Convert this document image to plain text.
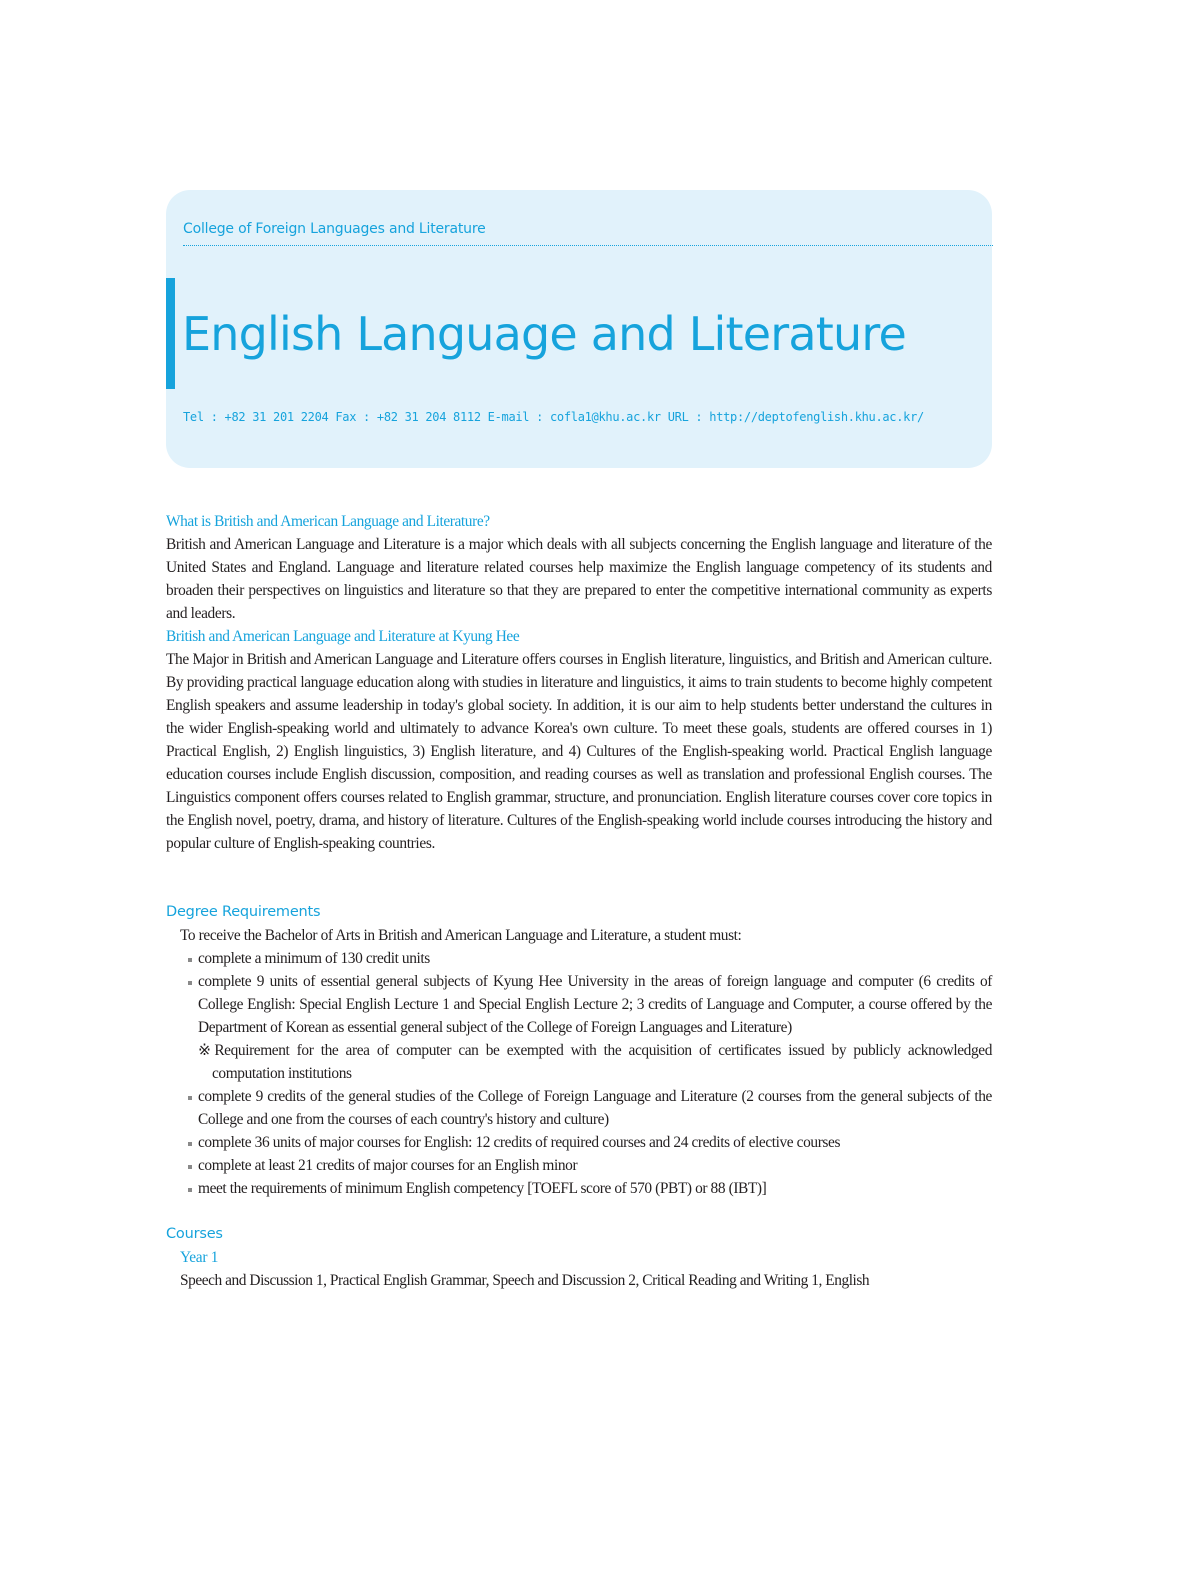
College of Foreign Languages and Literature
English Language and Literature
Tel : +82 31 201 2204 Fax : +82 31 204 8112 E-mail : cofla1@khu.ac.kr URL : http://deptofenglish.khu.ac.kr/
What is British and American Language and Literature?

British and American Language and Literature is a major which deals with all subjects concerning the English language and literature of the United States and England. Language and literature related courses help maximize the English language competency of its students and broaden their perspectives on linguistics and literature so that they are prepared to enter the competitive international community as experts and leaders.

British and American Language and Literature at Kyung Hee

The Major in British and American Language and Literature offers courses in English literature, linguistics, and British and American culture. By providing practical language education along with studies in literature and linguistics, it aims to train students to become highly competent English speakers and assume leadership in today's global society. In addition, it is our aim to help students better understand the cultures in the wider English-speaking world and ultimately to advance Korea's own culture. To meet these goals, students are offered courses in 1) Practical English, 2) English linguistics, 3) English literature, and 4) Cultures of the English-speaking world. Practical English language education courses include English discussion, composition, and reading courses as well as translation and professional English courses. The Linguistics component offers courses related to English grammar, structure, and pronunciation. English literature courses cover core topics in the English novel, poetry, drama, and history of literature. Cultures of the English-speaking world include courses introducing the history and popular culture of English-speaking countries.

Degree Requirements
To receive the Bachelor of Arts in British and American Language and Literature, a student must:
complete a minimum of 130 credit units
complete 9 units of essential general subjects of Kyung Hee University in the areas of foreign language and computer (6 credits of College English: Special English Lecture 1 and Special English Lecture 2; 3 credits of Language and Computer, a course offered by the Department of Korean as essential general subject of the College of Foreign Languages and Literature)
※Requirement for the area of computer can be exempted with the acquisition of certificates issued by publicly acknowledged computation institutions
complete 9 credits of the general studies of the College of Foreign Language and Literature (2 courses from the general subjects of the College and one from the courses of each country's history and culture)
complete 36 units of major courses for English: 12 credits of required courses and 24 credits of elective courses
complete at least 21 credits of major courses for an English minor
meet the requirements of minimum English competency [TOEFL score of 570 (PBT) or 88 (IBT)]
Courses
Year 1
Speech and Discussion 1, Practical English Grammar, Speech and Discussion 2, Critical Reading and Writing 1, English
